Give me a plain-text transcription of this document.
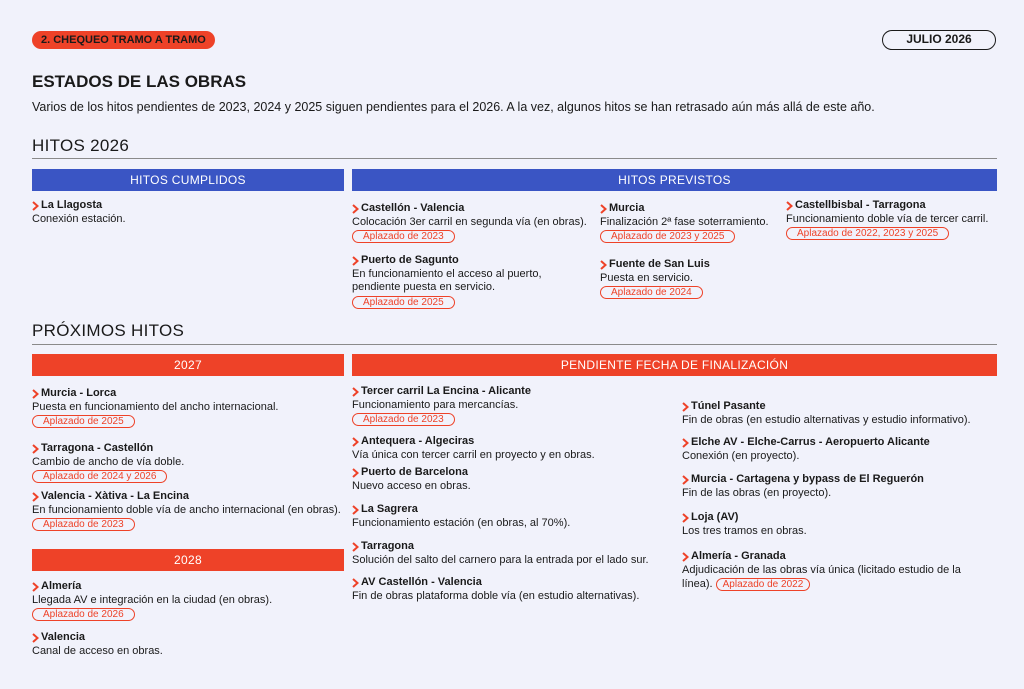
2. CHEQUEO TRAMO A TRAMO	JULIO 2026
ESTADOS DE LAS OBRAS
Varios de los hitos pendientes de 2023, 2024 y 2025 siguen pendientes para el 2026. A la vez, algunos hitos se han retrasado aún más allá de este año.
HITOS 2026
HITOS CUMPLIDOS	HITOS PREVISTOS
La Llagosta
Conexión estación.
Castellón - Valencia
Colocación 3er carril en segunda vía (en obras).
Aplazado de 2023
Puerto de Sagunto
En funcionamiento el acceso al puerto, pendiente puesta en servicio.
Aplazado de 2025
Murcia
Finalización 2ª fase soterramiento.
Aplazado de 2023 y 2025
Fuente de San Luis
Puesta en servicio.
Aplazado de 2024
Castellbisbal - Tarragona
Funcionamiento doble vía de tercer carril.
Aplazado de 2022, 2023 y 2025
PRÓXIMOS HITOS
2027	PENDIENTE FECHA DE FINALIZACIÓN
Murcia - Lorca
Puesta en funcionamiento del ancho internacional.
Aplazado de 2025
Tarragona - Castellón
Cambio de ancho de vía doble.
Aplazado de 2024 y 2026
Valencia - Xàtiva - La Encina
En funcionamiento doble vía de ancho internacional (en obras).
Aplazado de 2023
2028
Almería
Llegada AV e integración en la ciudad (en obras).
Aplazado de 2026
Valencia
Canal de acceso en obras.
Tercer carril La Encina - Alicante
Funcionamiento para mercancías.
Aplazado de 2023
Antequera - Algeciras
Vía única con tercer carril en proyecto y en obras.
Puerto de Barcelona
Nuevo acceso en obras.
La Sagrera
Funcionamiento estación (en obras, al 70%).
Tarragona
Solución del salto del carnero para la entrada por el lado sur.
AV Castellón - Valencia
Fin de obras plataforma doble vía (en estudio alternativas).
Túnel Pasante
Fin de obras (en estudio alternativas y estudio informativo).
Elche AV - Elche-Carrus - Aeropuerto Alicante
Conexión (en proyecto).
Murcia - Cartagena y bypass de El Reguerón
Fin de las obras (en proyecto).
Loja (AV)
Los tres tramos en obras.
Almería - Granada
Adjudicación de las obras vía única (licitado estudio de la línea). Aplazado de 2022
